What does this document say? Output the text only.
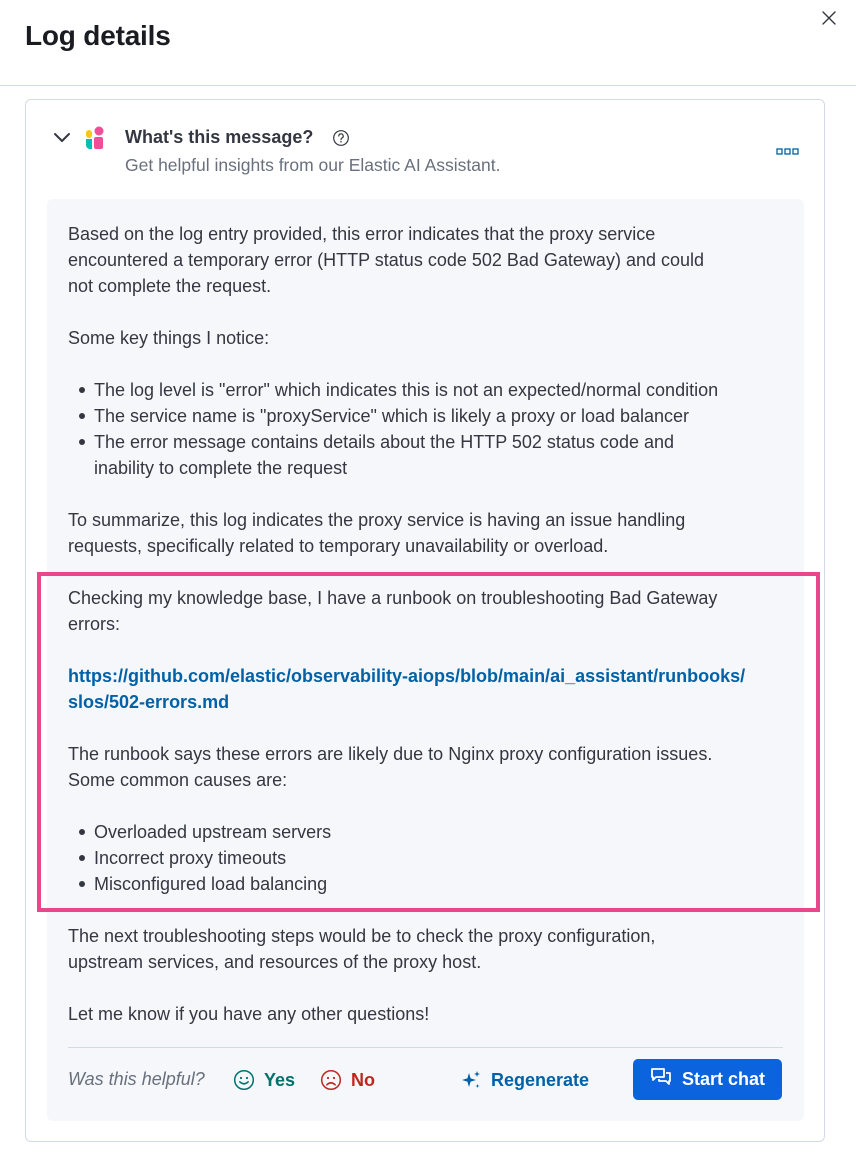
Log details
What's this message?
Get helpful insights from our Elastic AI Assistant.
Based on the log entry provided, this error indicates that the proxy service
encountered a temporary error (HTTP status code 502 Bad Gateway) and could
not complete the request.
Some key things I notice:
The log level is "error" which indicates this is not an expected/normal condition
The service name is "proxyService" which is likely a proxy or load balancer
The error message contains details about the HTTP 502 status code and
inability to complete the request
To summarize, this log indicates the proxy service is having an issue handling
requests, specifically related to temporary unavailability or overload.
Checking my knowledge base, I have a runbook on troubleshooting Bad Gateway
errors:
https://github.com/elastic/observability-aiops/blob/main/ai_assistant/runbooks/
slos/502-errors.md
The runbook says these errors are likely due to Nginx proxy configuration issues.
Some common causes are:
Overloaded upstream servers
Incorrect proxy timeouts
Misconfigured load balancing
The next troubleshooting steps would be to check the proxy configuration,
upstream services, and resources of the proxy host.
Let me know if you have any other questions!
Was this helpful?	Yes	No	Regenerate	Start chat
